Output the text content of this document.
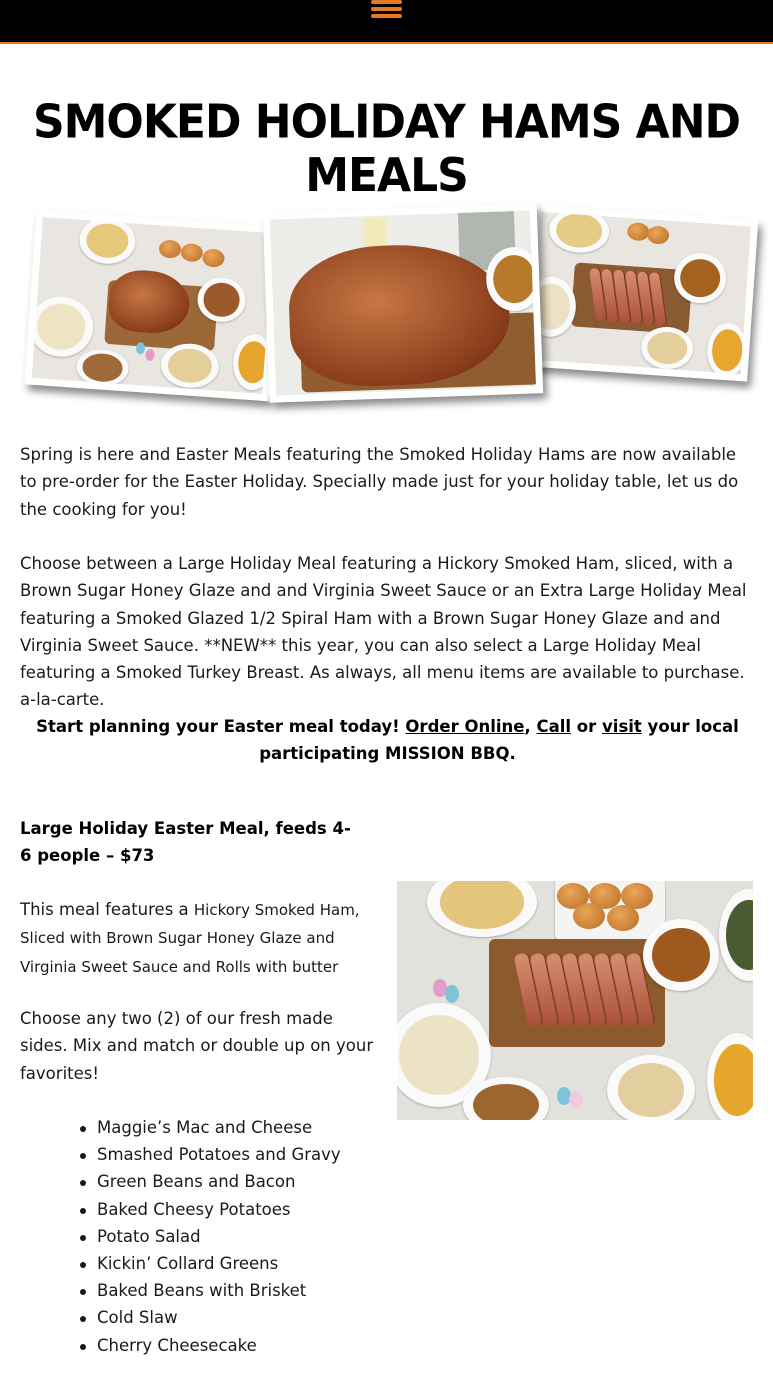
SMOKED HOLIDAY HAMS AND MEALS

Spring is here and Easter Meals featuring the Smoked Holiday Hams are now available to pre-order for the Easter Holiday. Specially made just for your holiday table, let us do the cooking for you!

Choose between a Large Holiday Meal featuring a Hickory Smoked Ham, sliced, with a Brown Sugar Honey Glaze and and Virginia Sweet Sauce or an Extra Large Holiday Meal featuring a Smoked Glazed 1/2 Spiral Ham with a Brown Sugar Honey Glaze and and Virginia Sweet Sauce. **NEW** this year, you can also select a Large Holiday Meal featuring a Smoked Turkey Breast. As always, all menu items are available to purchase. a-la-carte.

Start planning your Easter meal today! Order Online, Call or visit your local participating MISSION BBQ.

Large Holiday Easter Meal, feeds 4-6 people – $73

This meal features a Hickory Smoked Ham, Sliced with Brown Sugar Honey Glaze and Virginia Sweet Sauce and Rolls with butter

Choose any two (2) of our fresh made sides. Mix and match or double up on your favorites!

Maggie’s Mac and Cheese
Smashed Potatoes and Gravy
Green Beans and Bacon
Baked Cheesy Potatoes
Potato Salad
Kickin’ Collard Greens
Baked Beans with Brisket
Cold Slaw
Cherry Cheesecake
